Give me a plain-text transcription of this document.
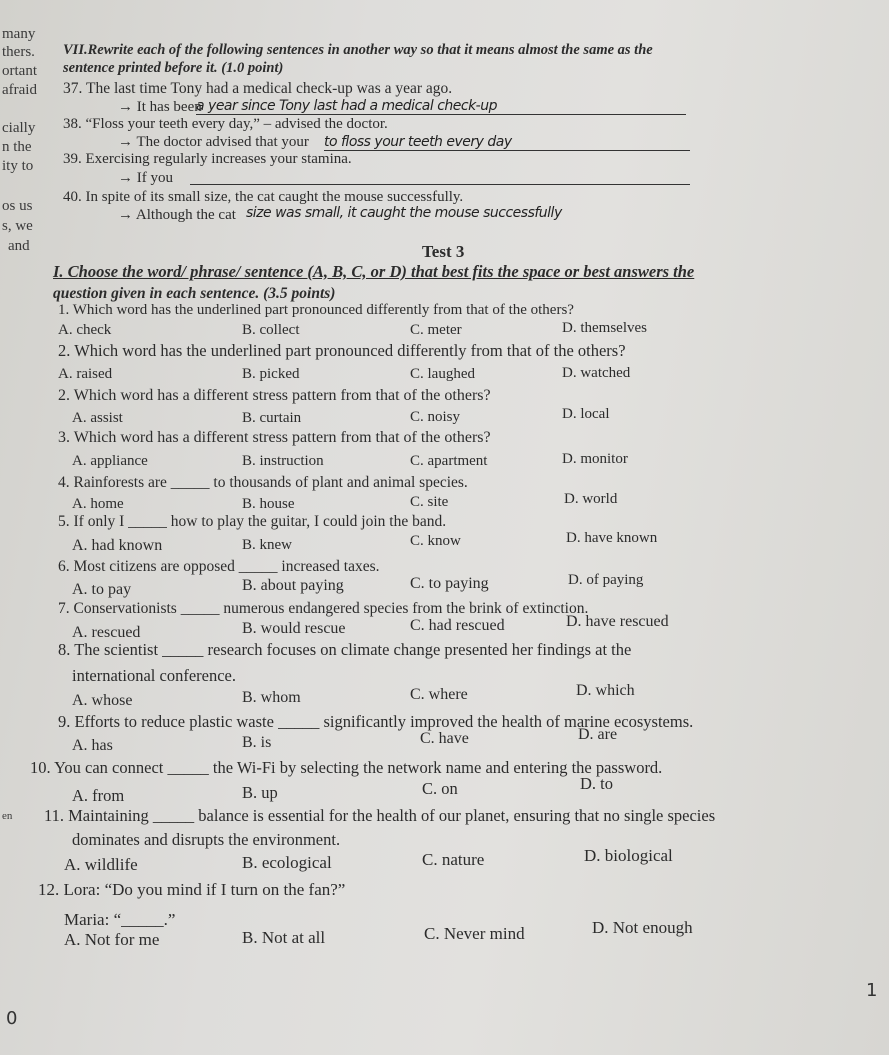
many
thers.
ortant
afraid
cially
n the
ity to
os us
s, we
and
en
VII.Rewrite each of the following sentences in another way so that it means almost the same as the
sentence printed before it. (1.0 point)
37. The last time Tony had a medical check-up was a year ago.
→ It has been
a year since Tony last had a medical check-up
38. “Floss your teeth every day,” – advised the doctor.
→ The doctor advised that your to floss your teeth every day
39. Exercising regularly increases your stamina.
→ If you
40. In spite of its small size, the cat caught the mouse successfully.
→ Although the cat size was small, it caught the mouse successfully
Test 3
I. Choose the word/ phrase/ sentence (A, B, C, or D) that best fits the space or best answers the
question given in each sentence. (3.5 points)
1. Which word has the underlined part pronounced differently from that of the others?
A. check	B. collect	C. meter	D. themselves
2. Which word has the underlined part pronounced differently from that of the others?
A. raised	B. picked	C. laughed	D. watched
2. Which word has a different stress pattern from that of the others?
A. assist	B. curtain	C. noisy	D. local
3. Which word has a different stress pattern from that of the others?
A. appliance	B. instruction	C. apartment	D. monitor
4. Rainforests are _____ to thousands of plant and animal species.
A. home	B. house	C. site	D. world
5. If only I _____ how to play the guitar, I could join the band.
A. had known	B. knew	C. know	D. have known
6. Most citizens are opposed _____ increased taxes.
A. to pay	B. about paying	C. to paying	D. of paying
7. Conservationists _____ numerous endangered species from the brink of extinction.
A. rescued	B. would rescue	C. had rescued	D. have rescued
8. The scientist _____ research focuses on climate change presented her findings at the
international conference.
A. whose	B. whom	C. where	D. which
9. Efforts to reduce plastic waste _____ significantly improved the health of marine ecosystems.
A. has	B. is	C. have	D. are
10. You can connect _____ the Wi-Fi by selecting the network name and entering the password.
A. from	B. up	C. on	D. to
11. Maintaining _____ balance is essential for the health of our planet, ensuring that no single species
dominates and disrupts the environment.
A. wildlife	B. ecological	C. nature	D. biological
12. Lora: “Do you mind if I turn on the fan?”
Maria: “_____.”
A. Not for me	B. Not at all	C. Never mind	D. Not enough
1
0
